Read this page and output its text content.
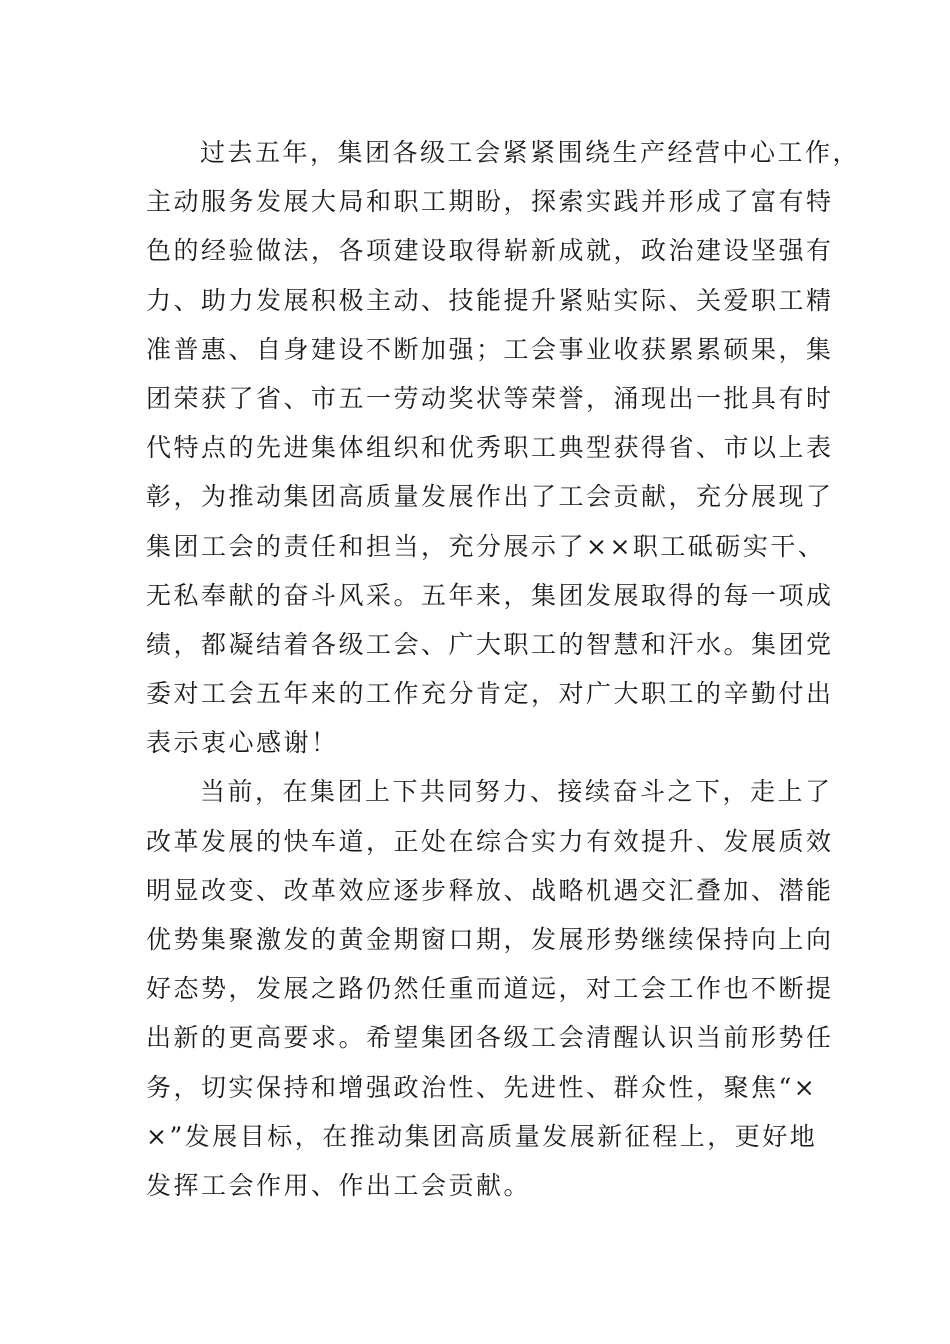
过去五年，集团各级工会紧紧围绕生产经营中心工作，
主动服务发展大局和职工期盼，探索实践并形成了富有特
色的经验做法，各项建设取得崭新成就，政治建设坚强有
力、助力发展积极主动、技能提升紧贴实际、关爱职工精
准普惠、自身建设不断加强；工会事业收获累累硕果，集
团荣获了省、市五一劳动奖状等荣誉，涌现出一批具有时
代特点的先进集体组织和优秀职工典型获得省、市以上表
彰，为推动集团高质量发展作出了工会贡献，充分展现了
集团工会的责任和担当，充分展示了××职工砥砺实干、
无私奉献的奋斗风采。五年来，集团发展取得的每一项成
绩，都凝结着各级工会、广大职工的智慧和汗水。集团党
委对工会五年来的工作充分肯定，对广大职工的辛勤付出
表示衷心感谢！
当前，在集团上下共同努力、接续奋斗之下，走上了
改革发展的快车道，正处在综合实力有效提升、发展质效
明显改变、改革效应逐步释放、战略机遇交汇叠加、潜能
优势集聚激发的黄金期窗口期，发展形势继续保持向上向
好态势，发展之路仍然任重而道远，对工会工作也不断提
出新的更高要求。希望集团各级工会清醒认识当前形势任
务，切实保持和增强政治性、先进性、群众性，聚焦“×
×”发展目标，在推动集团高质量发展新征程上，更好地
发挥工会作用、作出工会贡献。
